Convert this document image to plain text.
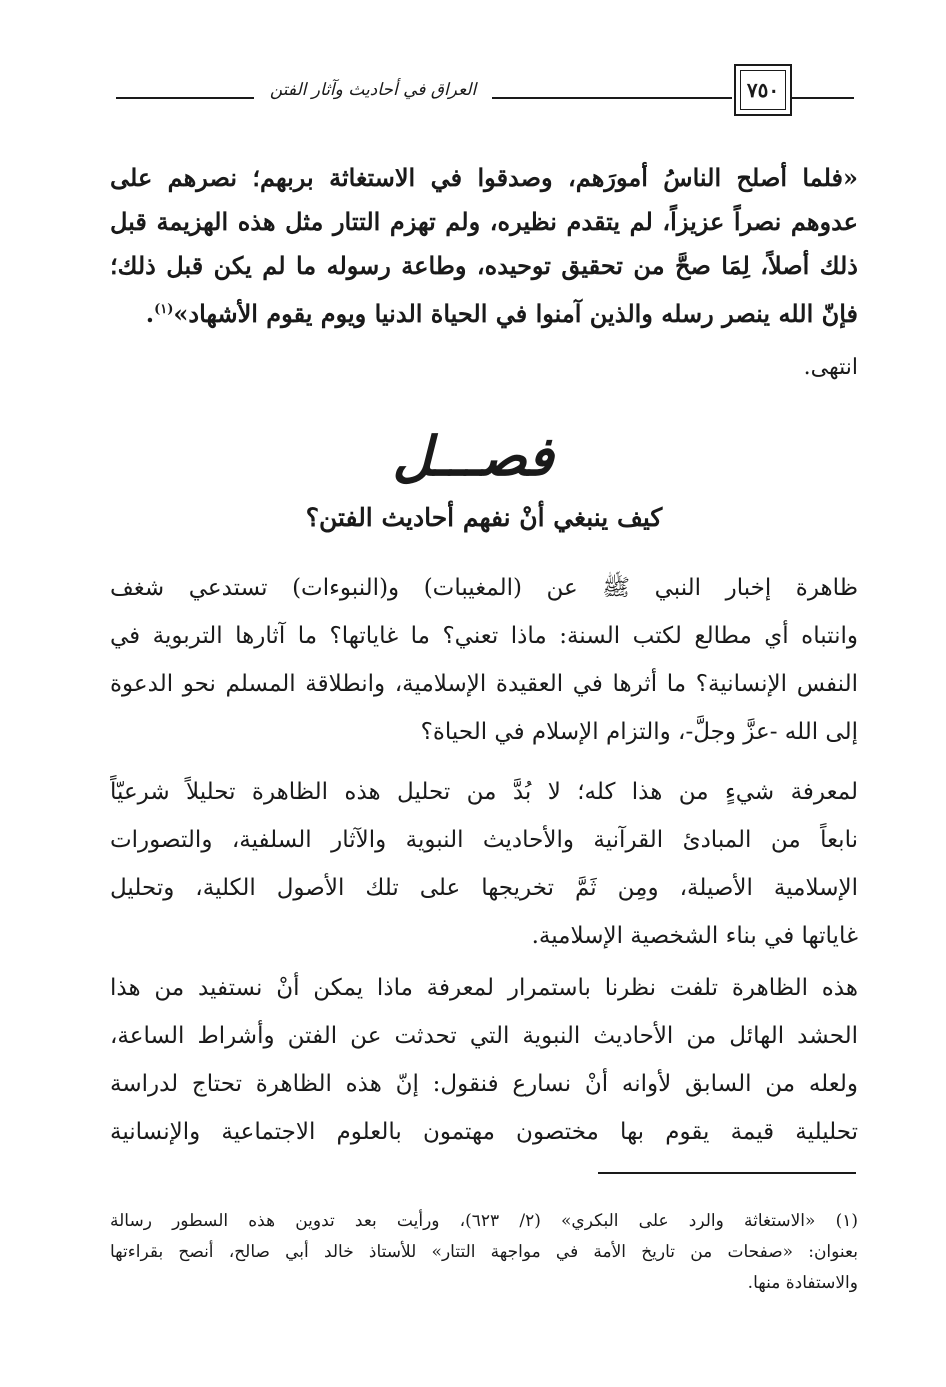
العراق في أحاديث وآثار الفتن	٧٥٠
«فلما أصلح الناسُ أمورَهم، وصدقوا في الاستغاثة بربهم؛ نصرهم على
عدوهم نصراً عزيزاً، لم يتقدم نظيره، ولم تهزم التتار مثل هذه الهزيمة قبل
ذلك أصلاً، لِمَا صحَّ من تحقيق توحيده، وطاعة رسوله ما لم يكن قبل ذلك؛
فإنّ الله ينصر رسله والذين آمنوا في الحياة الدنيا ويوم يقوم الأشهاد»$^{(١)}$.
انتهى.
فصـــل
كيف ينبغي أنْ نفهم أحاديث الفتن؟
ظاهرة إخبار النبي ﷺ عن (المغيبات) و(النبوءات) تستدعي شغف
وانتباه أي مطالع لكتب السنة: ماذا تعني؟ ما غاياتها؟ ما آثارها التربوية في
النفس الإنسانية؟ ما أثرها في العقيدة الإسلامية، وانطلاقة المسلم نحو الدعوة
إلى الله -عزَّ وجلَّ-، والتزام الإسلام في الحياة؟
لمعرفة شيءٍ من هذا كله؛ لا بُدَّ من تحليل هذه الظاهرة تحليلاً شرعيّاً
نابعاً من المبادئ القرآنية والأحاديث النبوية والآثار السلفية، والتصورات
الإسلامية الأصيلة، ومِن ثَمَّ تخريجها على تلك الأصول الكلية، وتحليل
غاياتها في بناء الشخصية الإسلامية.
هذه الظاهرة تلفت نظرنا باستمرار لمعرفة ماذا يمكن أنْ نستفيد من هذا
الحشد الهائل من الأحاديث النبوية التي تحدثت عن الفتن وأشراط الساعة،
ولعله من السابق لأوانه أنْ نسارع فنقول: إنّ هذه الظاهرة تحتاج لدراسة
تحليلية قيمة يقوم بها مختصون مهتمون بالعلوم الاجتماعية والإنسانية
(١) «الاستغاثة والرد على البكري» (٢/ ٦٢٣)، ورأيت بعد تدوين هذه السطور رسالة
بعنوان: «صفحات من تاريخ الأمة في مواجهة التتار» للأستاذ خالد أبي صالح، أنصح بقراءتها
والاستفادة منها.
